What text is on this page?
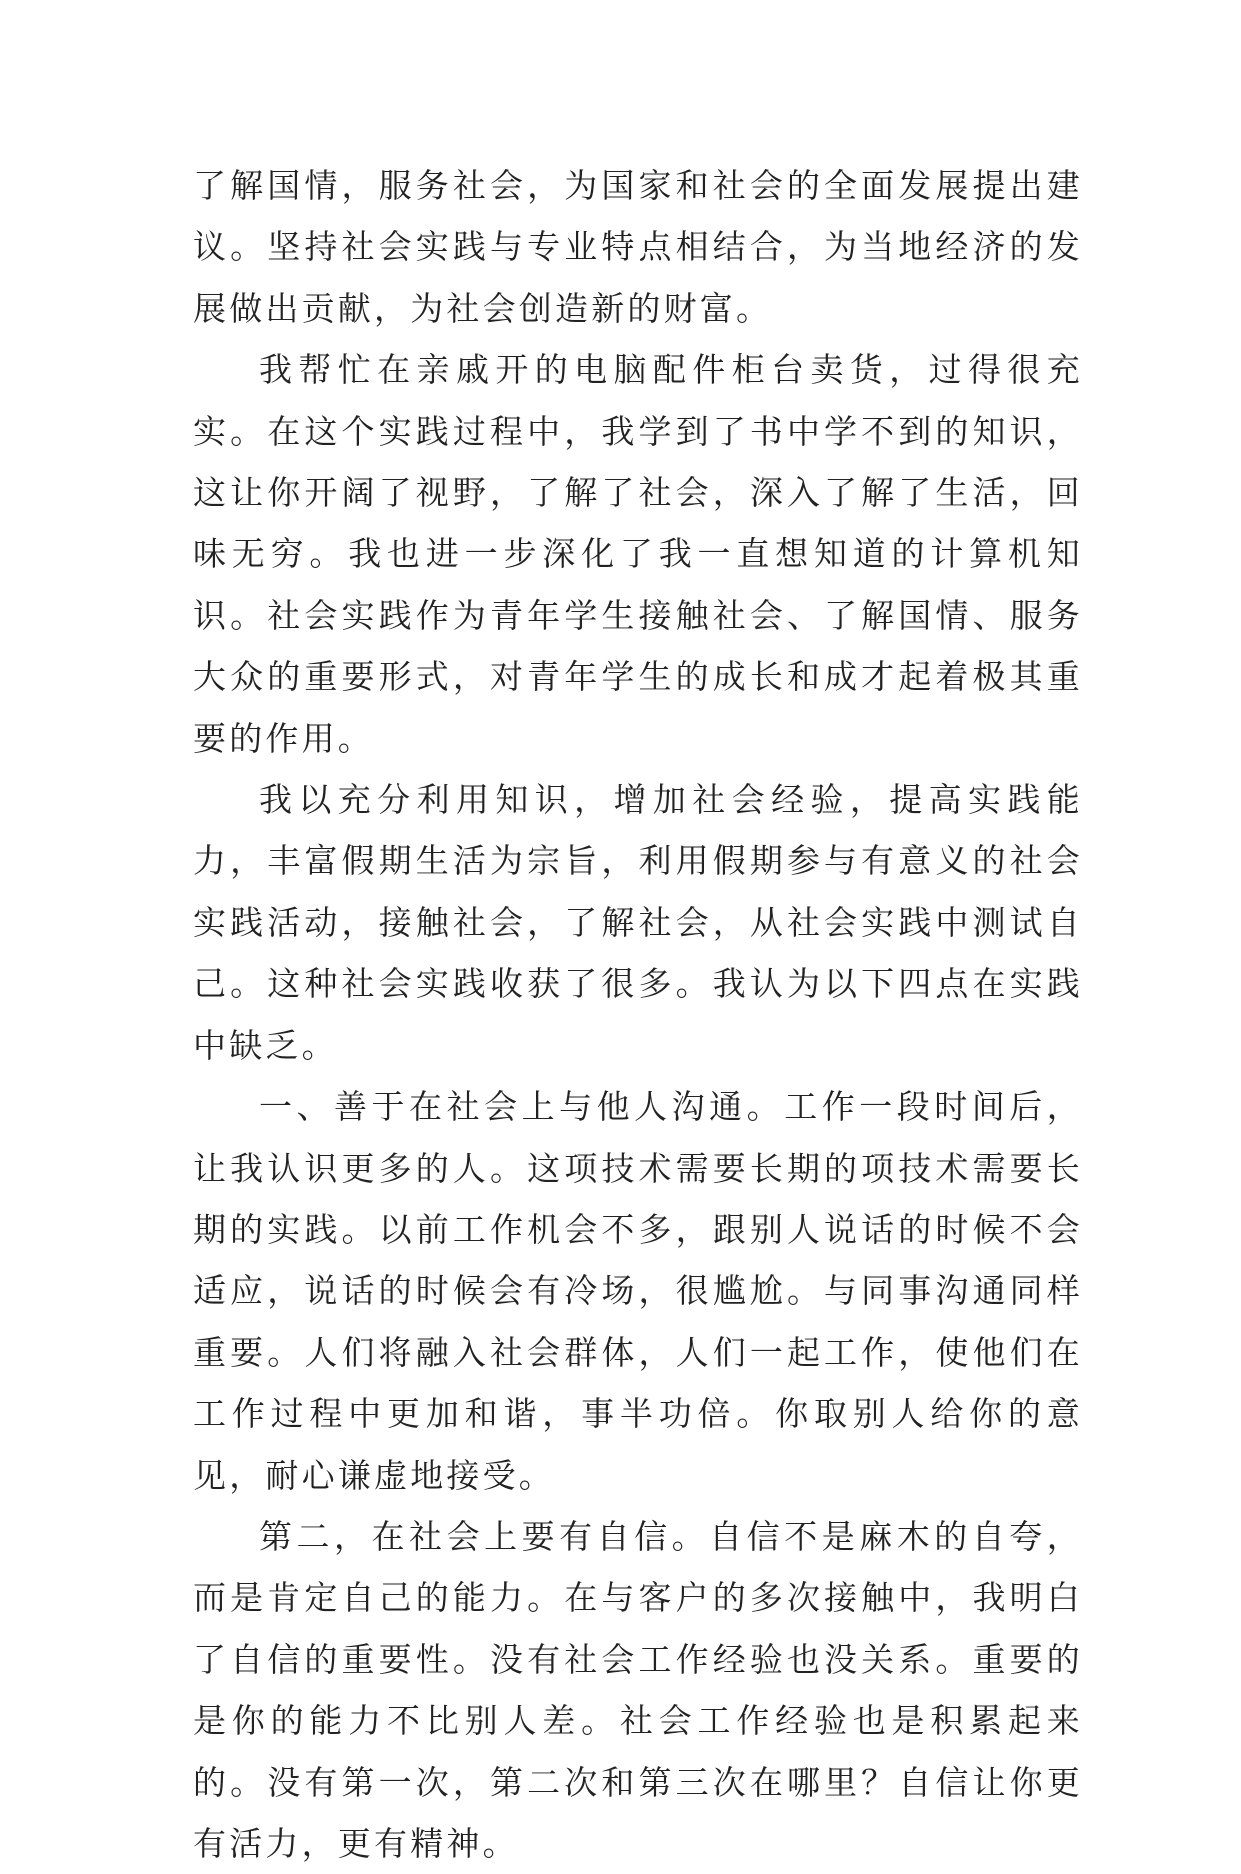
了解国情，服务社会，为国家和社会的全面发展提出建议。坚持社会实践与专业特点相结合，为当地经济的发展做出贡献，为社会创造新的财富。

我帮忙在亲戚开的电脑配件柜台卖货，过得很充实。在这个实践过程中，我学到了书中学不到的知识，这让你开阔了视野，了解了社会，深入了解了生活，回味无穷。我也进一步深化了我一直想知道的计算机知识。社会实践作为青年学生接触社会、了解国情、服务大众的重要形式，对青年学生的成长和成才起着极其重要的作用。

我以充分利用知识，增加社会经验，提高实践能力，丰富假期生活为宗旨，利用假期参与有意义的社会实践活动，接触社会，了解社会，从社会实践中测试自己。这种社会实践收获了很多。我认为以下四点在实践中缺乏。

一、善于在社会上与他人沟通。工作一段时间后，让我认识更多的人。这项技术需要长期的项技术需要长期的实践。以前工作机会不多，跟别人说话的时候不会适应，说话的时候会有冷场，很尴尬。与同事沟通同样重要。人们将融入社会群体，人们一起工作，使他们在工作过程中更加和谐，事半功倍。你取别人给你的意见，耐心谦虚地接受。

第二，在社会上要有自信。自信不是麻木的自夸，而是肯定自己的能力。在与客户的多次接触中，我明白了自信的重要性。没有社会工作经验也没关系。重要的是你的能力不比别人差。社会工作经验也是积累起来的。没有第一次，第二次和第三次在哪里？自信让你更有活力，更有精神。
